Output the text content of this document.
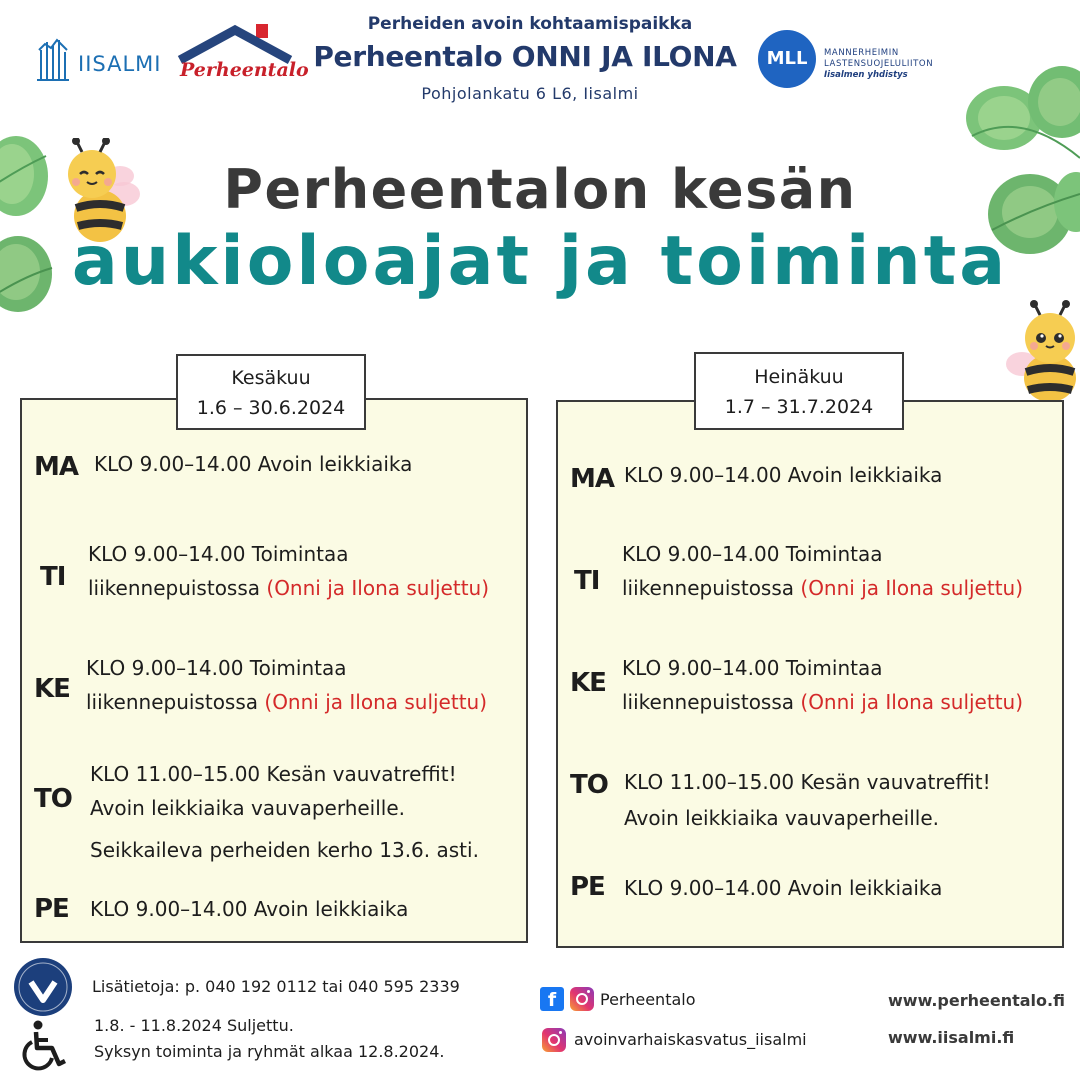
IISALMI Perheentalo
Perheiden avoin kohtaamispaikka
Perheentalo ONNI JA ILONA
Pohjolankatu 6 L6, Iisalmi
MLL	MANNERHEIMIN
LASTENSUOJELULIITON
Iisalmen yhdistys
Perheentalon kesän
aukioloajat ja toiminta
Kesäkuu
1.6 – 30.6.2024
MA KLO 9.00–14.00 Avoin leikkiaika
TI
KLO 9.00–14.00 Toimintaa
liikennepuistossa (Onni ja Ilona suljettu)
KE
KLO 9.00–14.00 Toimintaa
liikennepuistossa (Onni ja Ilona suljettu)
TO
KLO 11.00–15.00 Kesän vauvatreffit!
Avoin leikkiaika vauvaperheille.
Seikkaileva perheiden kerho 13.6. asti.
PE KLO 9.00–14.00 Avoin leikkiaika
Heinäkuu
1.7 – 31.7.2024
MA KLO 9.00–14.00 Avoin leikkiaika
TI
KLO 9.00–14.00 Toimintaa
liikennepuistossa (Onni ja Ilona suljettu)
KE KLO 9.00–14.00 Toimintaa
liikennepuistossa (Onni ja Ilona suljettu)
TO KLO 11.00–15.00 Kesän vauvatreffit!
Avoin leikkiaika vauvaperheille.
PE KLO 9.00–14.00 Avoin leikkiaika
Lisätietoja: p. 040 192 0112 tai 040 595 2339
1.8. - 11.8.2024 Suljettu.
Syksyn toiminta ja ryhmät alkaa 12.8.2024.
f	Perheentalo
avoinvarhaiskasvatus_iisalmi
www.perheentalo.fi
www.iisalmi.fi
